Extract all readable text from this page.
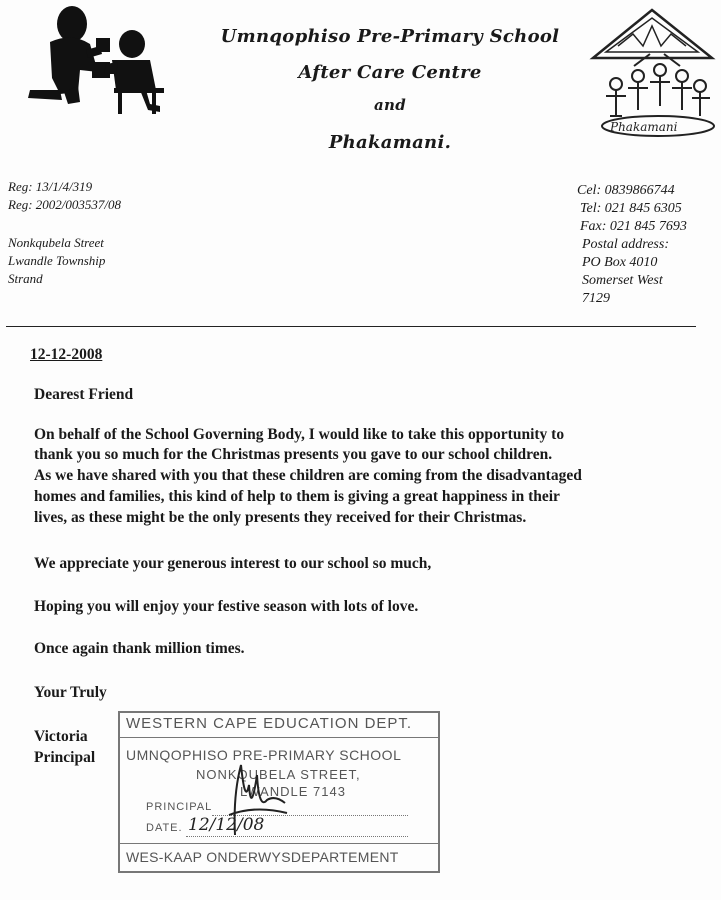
Umnqophiso Pre-Primary School
After Care Centre
and
Phakamani.
Phakamani
Reg: 13/1/4/319
Reg: 2002/003537/08
Nonkqubela Street
Lwandle Township
Strand
Cel: 0839866744
Tel: 021 845 6305
Fax: 021 845 7693
Postal address:
PO Box 4010
Somerset West
7129
12-12-2008
Dearest Friend
On behalf of the School Governing Body, I would like to take this opportunity to
thank you so much for the Christmas presents you gave to our school children.
As we have shared with you that these children are coming from the disadvantaged
homes and families, this kind of help to them is giving a great happiness in their
lives, as these might be the only presents they received for their Christmas.
We appreciate your generous interest to our school so much,
Hoping you will enjoy your festive season with lots of love.
Once again thank million times.
Your Truly
Victoria
Principal
WESTERN CAPE EDUCATION DEPT.
UMNQOPHISO PRE-PRIMARY SCHOOL
NONKQUBELA STREET,
LWANDLE 7143
PRINCIPAL
DATE. 12/12/08
WES-KAAP ONDERWYSDEPARTEMENT
